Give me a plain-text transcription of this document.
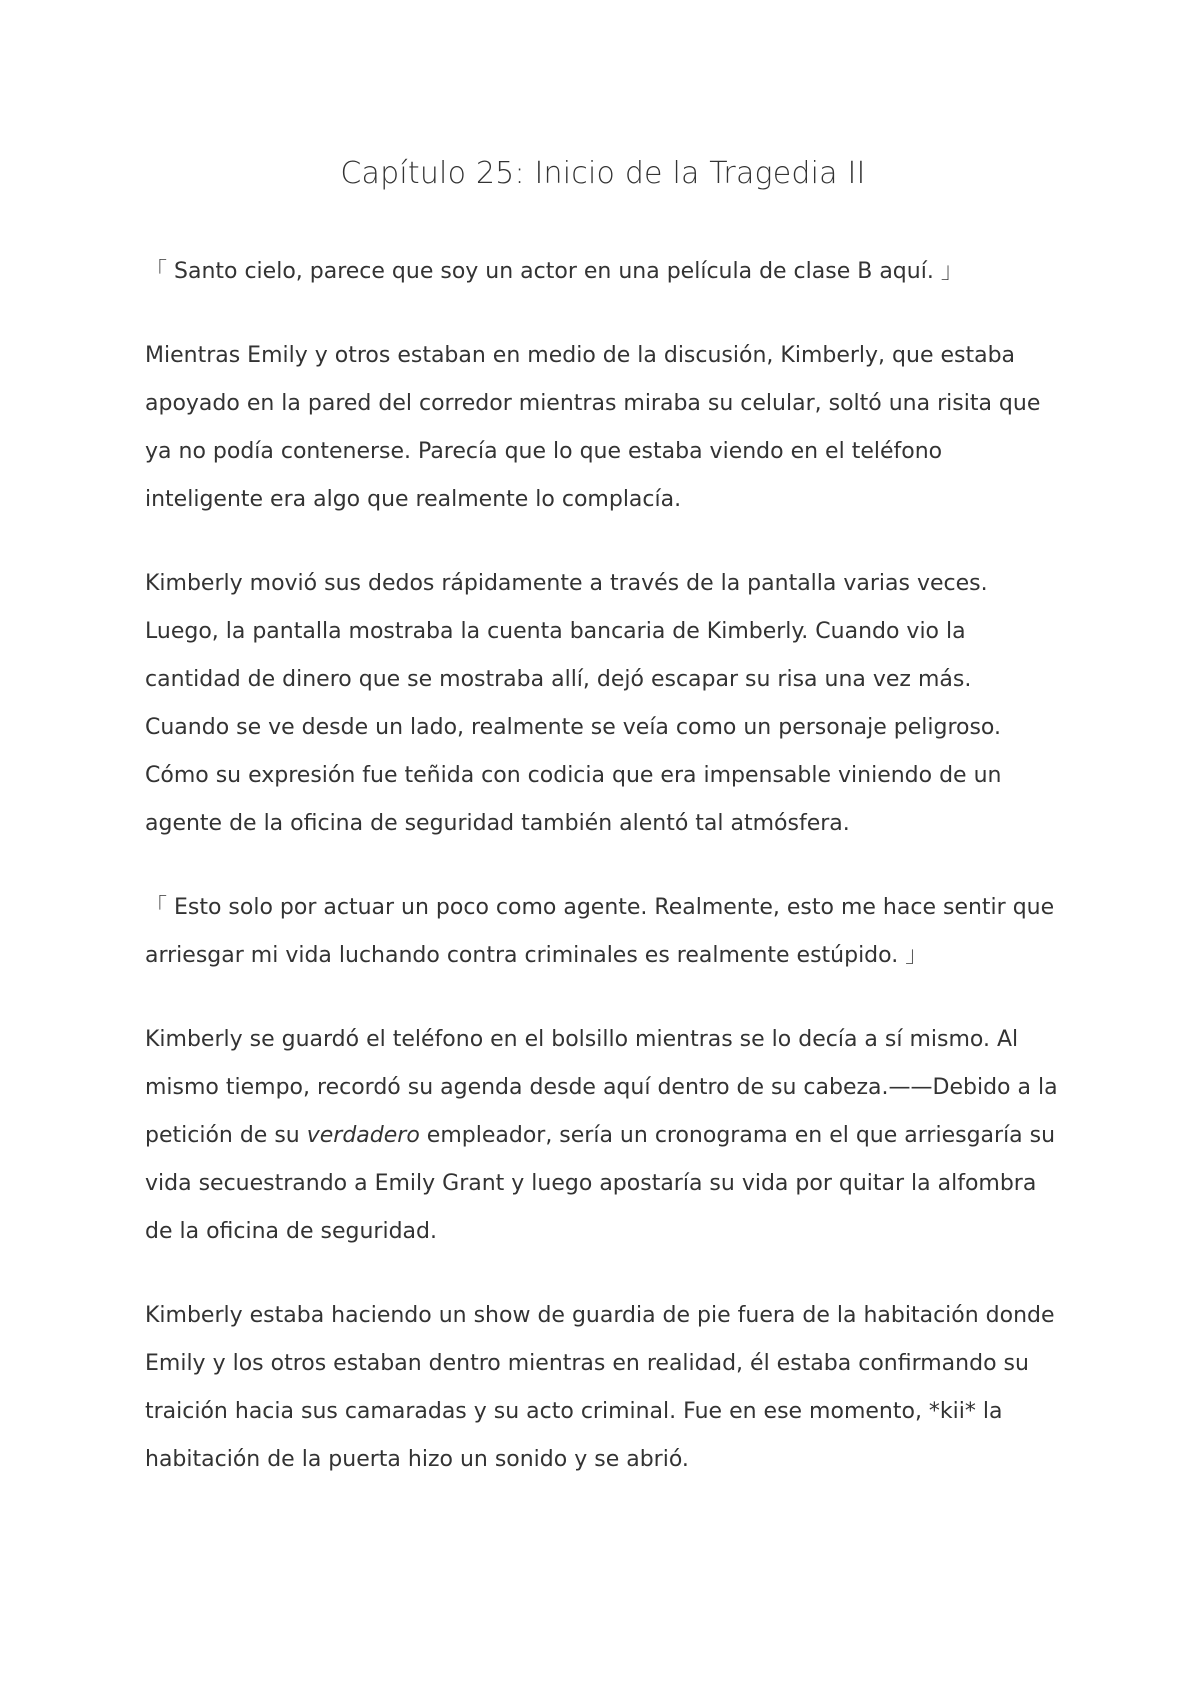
Capítulo 25: Inicio de la Tragedia II

「 Santo cielo, parece que soy un actor en una película de clase B aquí. 」

Mientras Emily y otros estaban en medio de la discusión, Kimberly, que estaba apoyado en la pared del corredor mientras miraba su celular, soltó una risita que ya no podía contenerse. Parecía que lo que estaba viendo en el teléfono inteligente era algo que realmente lo complacía.

Kimberly movió sus dedos rápidamente a través de la pantalla varias veces. Luego, la pantalla mostraba la cuenta bancaria de Kimberly. Cuando vio la cantidad de dinero que se mostraba allí, dejó escapar su risa una vez más. Cuando se ve desde un lado, realmente se veía como un personaje peligroso. Cómo su expresión fue teñida con codicia que era impensable viniendo de un agente de la oficina de seguridad también alentó tal atmósfera.

「 Esto solo por actuar un poco como agente. Realmente, esto me hace sentir que arriesgar mi vida luchando contra criminales es realmente estúpido. 」

Kimberly se guardó el teléfono en el bolsillo mientras se lo decía a sí mismo. Al mismo tiempo, recordó su agenda desde aquí dentro de su cabeza.——Debido a la petición de su verdadero empleador, sería un cronograma en el que arriesgaría su vida secuestrando a Emily Grant y luego apostaría su vida por quitar la alfombra de la oficina de seguridad.

Kimberly estaba haciendo un show de guardia de pie fuera de la habitación donde Emily y los otros estaban dentro mientras en realidad, él estaba confirmando su traición hacia sus camaradas y su acto criminal. Fue en ese momento, *kii* la habitación de la puerta hizo un sonido y se abrió.
